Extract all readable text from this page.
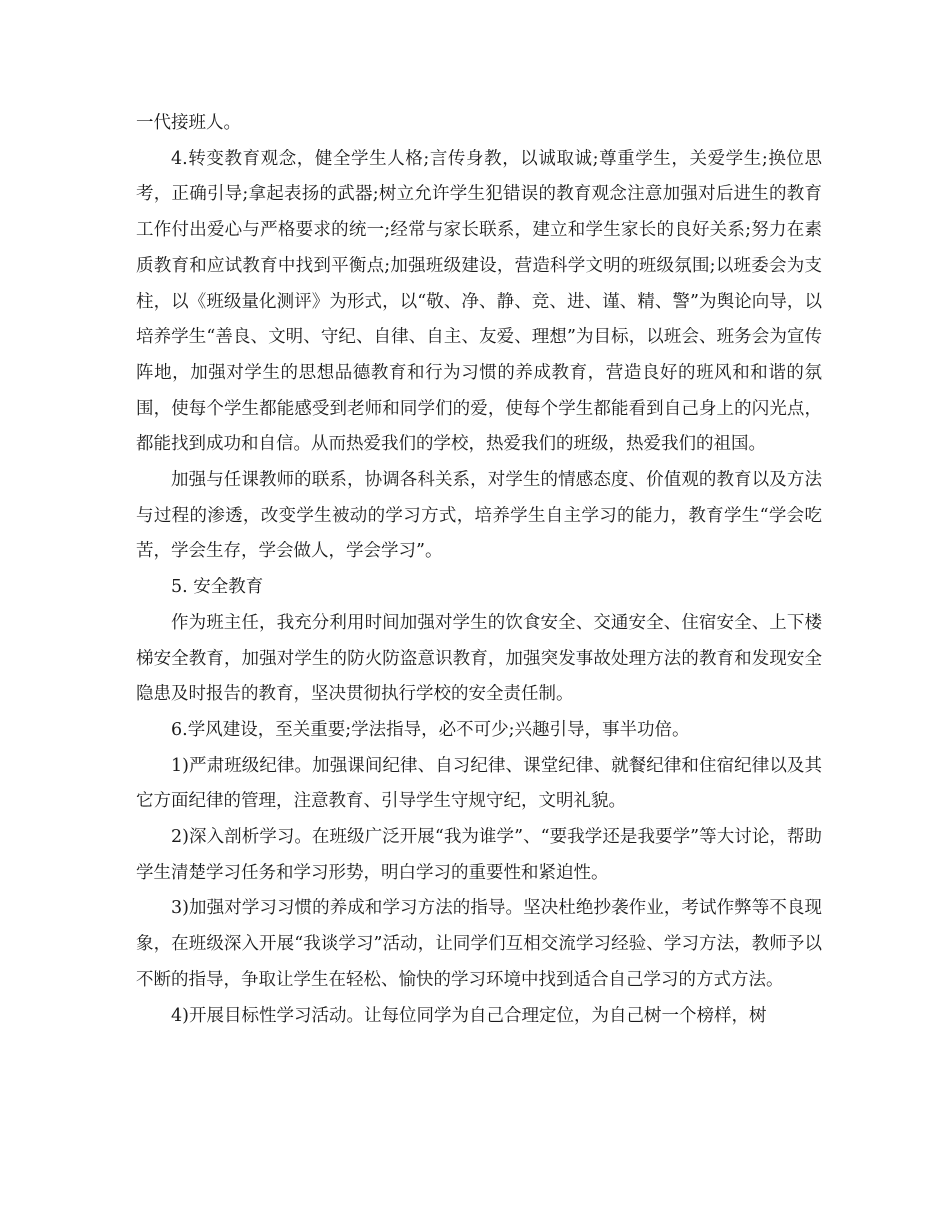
一代接班人。

4.转变教育观念，健全学生人格;言传身教，以诚取诚;尊重学生，关爱学生;换位思考，正确引导;拿起表扬的武器;树立允许学生犯错误的教育观念注意加强对后进生的教育工作付出爱心与严格要求的统一;经常与家长联系，建立和学生家长的良好关系;努力在素质教育和应试教育中找到平衡点;加强班级建设，营造科学文明的班级氛围;以班委会为支柱，以《班级量化测评》为形式，以“敬、净、静、竞、进、谨、精、警”为舆论向导，以培养学生“善良、文明、守纪、自律、自主、友爱、理想”为目标，以班会、班务会为宣传阵地，加强对学生的思想品德教育和行为习惯的养成教育，营造良好的班风和和谐的氛围，使每个学生都能感受到老师和同学们的爱，使每个学生都能看到自己身上的闪光点，都能找到成功和自信。从而热爱我们的学校，热爱我们的班级，热爱我们的祖国。

加强与任课教师的联系，协调各科关系，对学生的情感态度、价值观的教育以及方法与过程的渗透，改变学生被动的学习方式，培养学生自主学习的能力，教育学生“学会吃苦，学会生存，学会做人，学会学习”。

5. 安全教育

作为班主任，我充分利用时间加强对学生的饮食安全、交通安全、住宿安全、上下楼梯安全教育，加强对学生的防火防盗意识教育，加强突发事故处理方法的教育和发现安全隐患及时报告的教育，坚决贯彻执行学校的安全责任制。

6.学风建设，至关重要;学法指导，必不可少;兴趣引导，事半功倍。

1)严肃班级纪律。加强课间纪律、自习纪律、课堂纪律、就餐纪律和住宿纪律以及其它方面纪律的管理，注意教育、引导学生守规守纪，文明礼貌。

2)深入剖析学习。在班级广泛开展“我为谁学”、“要我学还是我要学”等大讨论，帮助学生清楚学习任务和学习形势，明白学习的重要性和紧迫性。

3)加强对学习习惯的养成和学习方法的指导。坚决杜绝抄袭作业，考试作弊等不良现象，在班级深入开展“我谈学习”活动，让同学们互相交流学习经验、学习方法，教师予以不断的指导，争取让学生在轻松、愉快的学习环境中找到适合自己学习的方式方法。

4)开展目标性学习活动。让每位同学为自己合理定位，为自己树一个榜样，树
